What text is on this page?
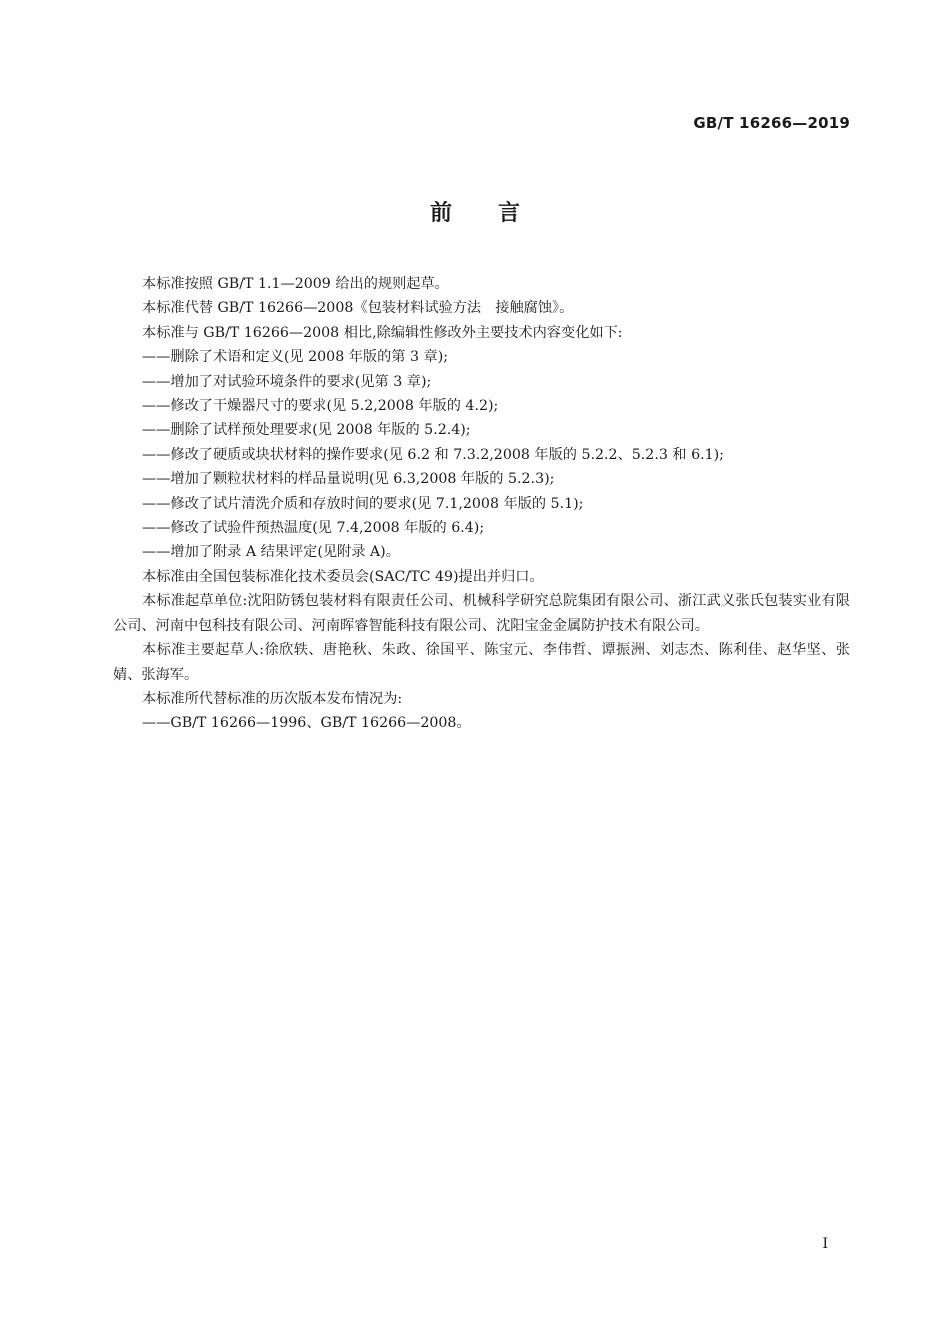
GB/T 16266—2019
前言

本标准按照 GB/T 1.1—2009 给出的规则起草。

本标准代替 GB/T 16266—2008《包装材料试验方法　接触腐蚀》。

本标准与 GB/T 16266—2008 相比,除编辑性修改外主要技术内容变化如下:

——删除了术语和定义(见 2008 年版的第 3 章);

——增加了对试验环境条件的要求(见第 3 章);

——修改了干燥器尺寸的要求(见 5.2,2008 年版的 4.2);

——删除了试样预处理要求(见 2008 年版的 5.2.4);

——修改了硬质或块状材料的操作要求(见 6.2 和 7.3.2,2008 年版的 5.2.2、5.2.3 和 6.1);

——增加了颗粒状材料的样品量说明(见 6.3,2008 年版的 5.2.3);

——修改了试片清洗介质和存放时间的要求(见 7.1,2008 年版的 5.1);

——修改了试验件预热温度(见 7.4,2008 年版的 6.4);

——增加了附录 A 结果评定(见附录 A)。

本标准由全国包装标准化技术委员会(SAC/TC 49)提出并归口。

本标准起草单位:沈阳防锈包装材料有限责任公司、机械科学研究总院集团有限公司、浙江武义张氏包装实业有限公司、河南中包科技有限公司、河南晖睿智能科技有限公司、沈阳宝金金属防护技术有限公司。

本标准主要起草人:徐欣轶、唐艳秋、朱政、徐国平、陈宝元、李伟哲、谭振洲、刘志杰、陈利佳、赵华坚、张婧、张海军。

本标准所代替标准的历次版本发布情况为:

——GB/T 16266—1996、GB/T 16266—2008。

I
